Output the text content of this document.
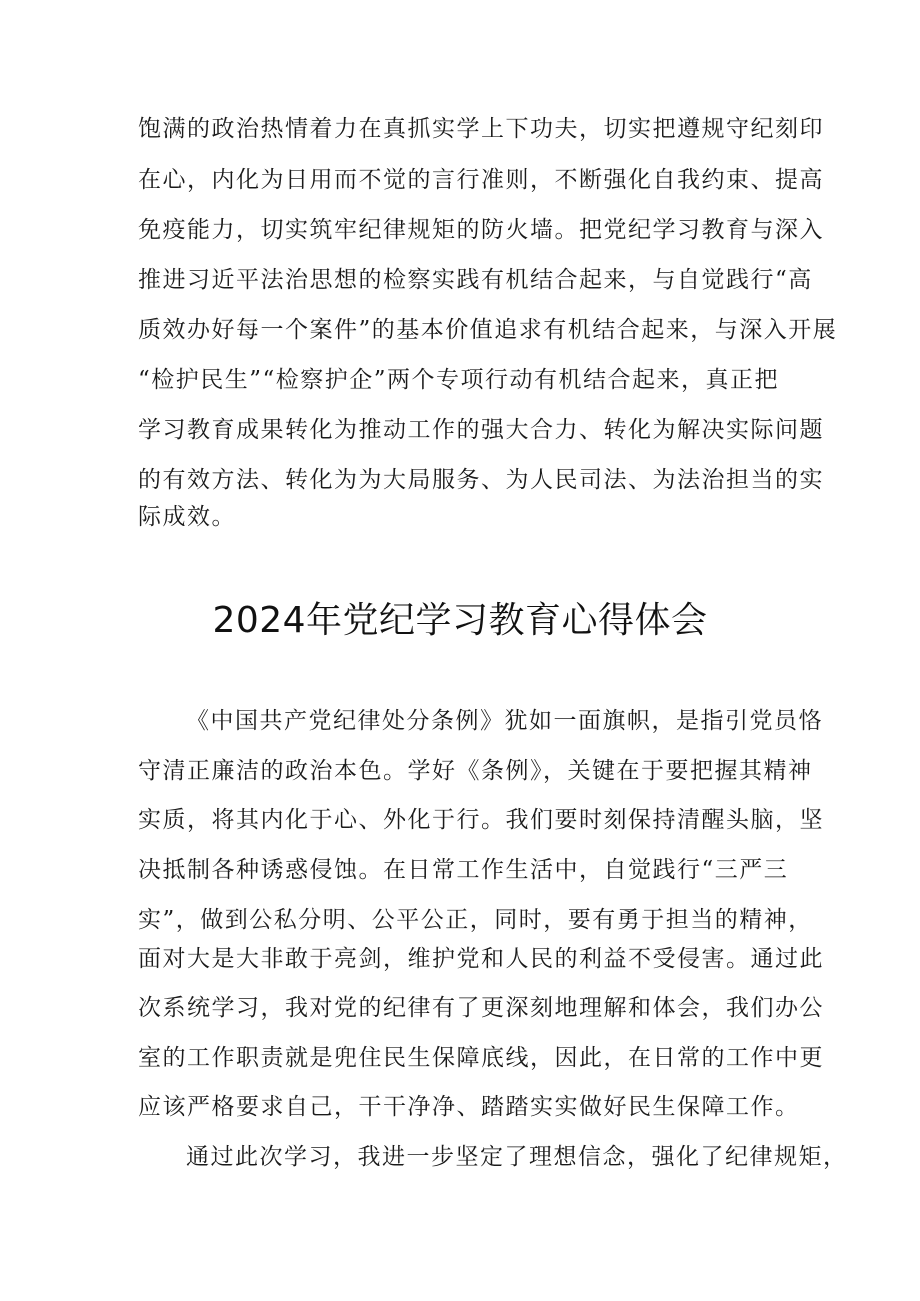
饱满的政治热情着力在真抓实学上下功夫，切实把遵规守纪刻印
在心，内化为日用而不觉的言行准则，不断强化自我约束、提高
免疫能力，切实筑牢纪律规矩的防火墙。把党纪学习教育与深入
推进习近平法治思想的检察实践有机结合起来，与自觉践行“高
质效办好每一个案件”的基本价值追求有机结合起来，与深入开展
“检护民生”“检察护企”两个专项行动有机结合起来，真正把
学习教育成果转化为推动工作的强大合力、转化为解决实际问题
的有效方法、转化为为大局服务、为人民司法、为法治担当的实
际成效。
2024年党纪学习教育心得体会
《中国共产党纪律处分条例》犹如一面旗帜，是指引党员恪
守清正廉洁的政治本色。学好《条例》，关键在于要把握其精神
实质，将其内化于心、外化于行。我们要时刻保持清醒头脑，坚
决抵制各种诱惑侵蚀。在日常工作生活中，自觉践行“三严三
实”，做到公私分明、公平公正，同时，要有勇于担当的精神，
面对大是大非敢于亮剑，维护党和人民的利益不受侵害。通过此
次系统学习，我对党的纪律有了更深刻地理解和体会，我们办公
室的工作职责就是兜住民生保障底线，因此，在日常的工作中更
应该严格要求自己，干干净净、踏踏实实做好民生保障工作。
通过此次学习，我进一步坚定了理想信念，强化了纪律规矩，
